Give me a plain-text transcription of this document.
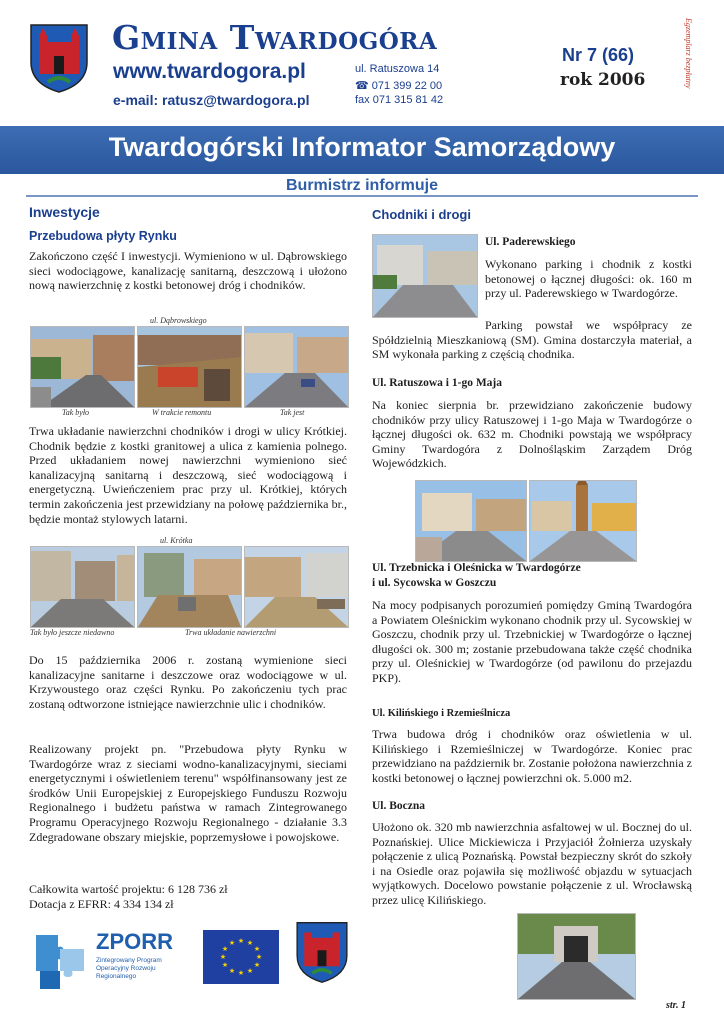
Gmina Twardogóra
www.twardogora.pl
e-mail: ratusz@twardogora.pl
ul. Ratuszowa 14
☎ 071 399 22 00
fax 071 315 81 42
Nr 7 (66)
rok 2006	Egzemplarz bezpłatny
Twardogórski Informator Samorządowy
Burmistrz informuje
Inwestycje
Przebudowa płyty Rynku
Zakończono część I inwestycji. Wymieniono w ul. Dąbrowskiego sieci wodociągowe, kanalizację sanitarną, deszczową i ułożono nową nawierzchnię z kostki betonowej dróg i chodników.
ul. Dąbrowskiego
Tak było	W trakcie remontu	Tak jest
Trwa układanie nawierzchni chodników i drogi w ulicy Krótkiej. Chodnik będzie z kostki granitowej a ulica z kamienia polnego. Przed układaniem nowej nawierzchni wymieniono sieć kanalizacyjną sanitarną i deszczową, sieć wodociągową i energetyczną. Uwieńczeniem prac przy ul. Krótkiej, których termin zakończenia jest przewidziany na połowę października br., będzie montaż stylowych latarni.
ul. Krótka
Tak było jeszcze niedawno	Trwa układanie nawierzchni
Do 15 października 2006 r. zostaną wymienione sieci kanalizacyjne sanitarne i deszczowe oraz wodociągowe w ul. Krzywoustego oraz części Rynku. Po zakończeniu tych prac zostaną odtworzone istniejące nawierzchnie ulic i chodników.
Realizowany projekt pn. "Przebudowa płyty Rynku w Twardogórze wraz z sieciami wodno-kanalizacyjnymi, sieciami energetycznymi i oświetleniem terenu" współfinansowany jest ze środków Unii Europejskiej z Europejskiego Funduszu Rozwoju Regionalnego i budżetu państwa w ramach Zintegrowanego Programu Operacyjnego Rozwoju Regionalnego - działanie 3.3 Zdegradowane obszary miejskie, poprzemysłowe i powojskowe.
Całkowita wartość projektu: 6 128 736 zł
Dotacja z EFRR: 4 334 134 zł
ZPORR
Zintegrowany Program Operacyjny Rozwoju Regionalnego
★ ★
★
★
★
★
★
★
★
★
★
★
Chodniki i drogi
Ul. Paderewskiego
Wykonano parking i chodnik z kostki betonowej o łącznej długości: ok. 160 m przy ul. Paderewskiego w Twardogórze.
Parking powstał we współpracy ze Spółdzielnią Mieszkaniową (SM). Gmina dostarczyła materiał, a SM wykonała parking z częścią chodnika.
Ul. Ratuszowa i 1-go Maja
Na koniec sierpnia br. przewidziano zakończenie budowy chodników przy ulicy Ratuszowej i 1-go Maja w Twardogórze o łącznej długości ok. 632 m. Chodniki powstają we współpracy Gminy Twardogóra z Dolnośląskim Zarządem Dróg Wojewódzkich.
Ul. Trzebnicka i Oleśnicka w Twardogórze
i ul. Sycowska w Goszczu
Na mocy podpisanych porozumień pomiędzy Gminą Twardogóra a Powiatem Oleśnickim wykonano chodnik przy ul. Sycowskiej w Goszczu, chodnik przy ul. Trzebnickiej w Twardogórze o łącznej długości ok. 300 m; zostanie przebudowana także część chodnika przy ul. Oleśnickiej w Twardogórze (od pawilonu do przejazdu PKP).
Ul. Kilińskiego i Rzemieślnicza
Trwa budowa dróg i chodników oraz oświetlenia w ul. Kilińskiego i Rzemieślniczej w Twardogórze. Koniec prac przewidziano na październik br. Zostanie położona nawierzchnia z kostki betonowej o łącznej powierzchni ok. 5.000 m2.
Ul. Boczna
Ułożono ok. 320 mb nawierzchnia asfaltowej w ul. Bocznej do ul. Poznańskiej. Ulice Mickiewicza i Przyjaciół Żołnierza uzyskały połączenie z ulicą Poznańską. Powstał bezpieczny skrót do szkoły i na Osiedle oraz pojawiła się możliwość objazdu w sytuacjach wyjątkowych. Docelowo powstanie połączenie z ul. Wrocławską przez ulicę Kilińskiego.
str. 1
